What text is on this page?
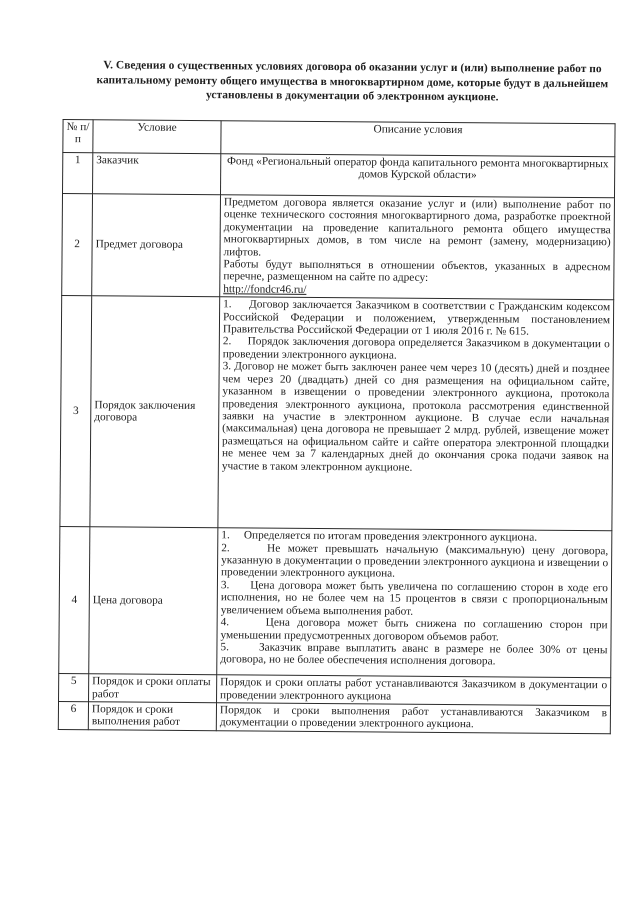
V. Сведения о существенных условиях договора об оказании услуг и (или) выполнение работ по капитальному ремонту общего имущества в многоквартирном доме, которые будут в дальнейшем установлены в документации об электронном аукционе.
№ п/п	Условие	Описание условия
1	Заказчик	Фонд «Региональный оператор фонда капитального ремонта многоквартирных домов Курской области»

2	Предмет договора	Предметом договора является оказание услуг и (или) выполнение работ по оценке технического состояния многоквартирного дома, разработке проектной документации на проведение капитального ремонта общего имущества многоквартирных домов, в том числе на ремонт (замену, модернизацию) лифтов.

Работы будут выполняться в отношении объектов, указанных в адресном перечне, размещенном на сайте по адресу:

http://fondcr46.ru/

3	Порядок заключения договора	1.     Договор заключается Заказчиком в соответствии с Гражданским кодексом Российской Федерации и положением, утвержденным постановлением Правительства Российской Федерации от 1 июля 2016 г. № 615.

2.     Порядок заключения договора определяется Заказчиком в документации о проведении электронного аукциона.

3. Договор не может быть заключен ранее чем через 10 (десять) дней и позднее чем через 20 (двадцать) дней со дня размещения на официальном сайте, указанном в извещении о проведении электронного аукциона, протокола проведения электронного аукциона, протокола рассмотрения единственной заявки на участие в электронном аукционе. В случае если начальная (максимальная) цена договора не превышает 2 млрд. рублей, извещение может размещаться на официальном сайте и сайте оператора электронной площадки не менее чем за 7 календарных дней до окончания срока подачи заявок на участие в таком электронном аукционе.

4	Цена договора	1.     Определяется по итогам проведения электронного аукциона.

2.     Не может превышать начальную (максимальную) цену договора, указанную в документации о проведении электронного аукциона и извещении о проведении электронного аукциона.

3.     Цена договора может быть увеличена по соглашению сторон в ходе его исполнения, но не более чем на 15 процентов в связи с пропорциональным увеличением объема выполнения работ.

4.     Цена договора может быть снижена по соглашению сторон при уменьшении предусмотренных договором объемов работ.

5.     Заказчик вправе выплатить аванс в размере не более 30% от цены договора, но не более обеспечения исполнения договора.

5	Порядок и сроки оплаты работ	Порядок и сроки оплаты работ устанавливаются Заказчиком в документации о проведении электронного аукциона

6	Порядок и сроки выполнения работ	Порядок и сроки выполнения работ устанавливаются Заказчиком в документации о проведении электронного аукциона.
